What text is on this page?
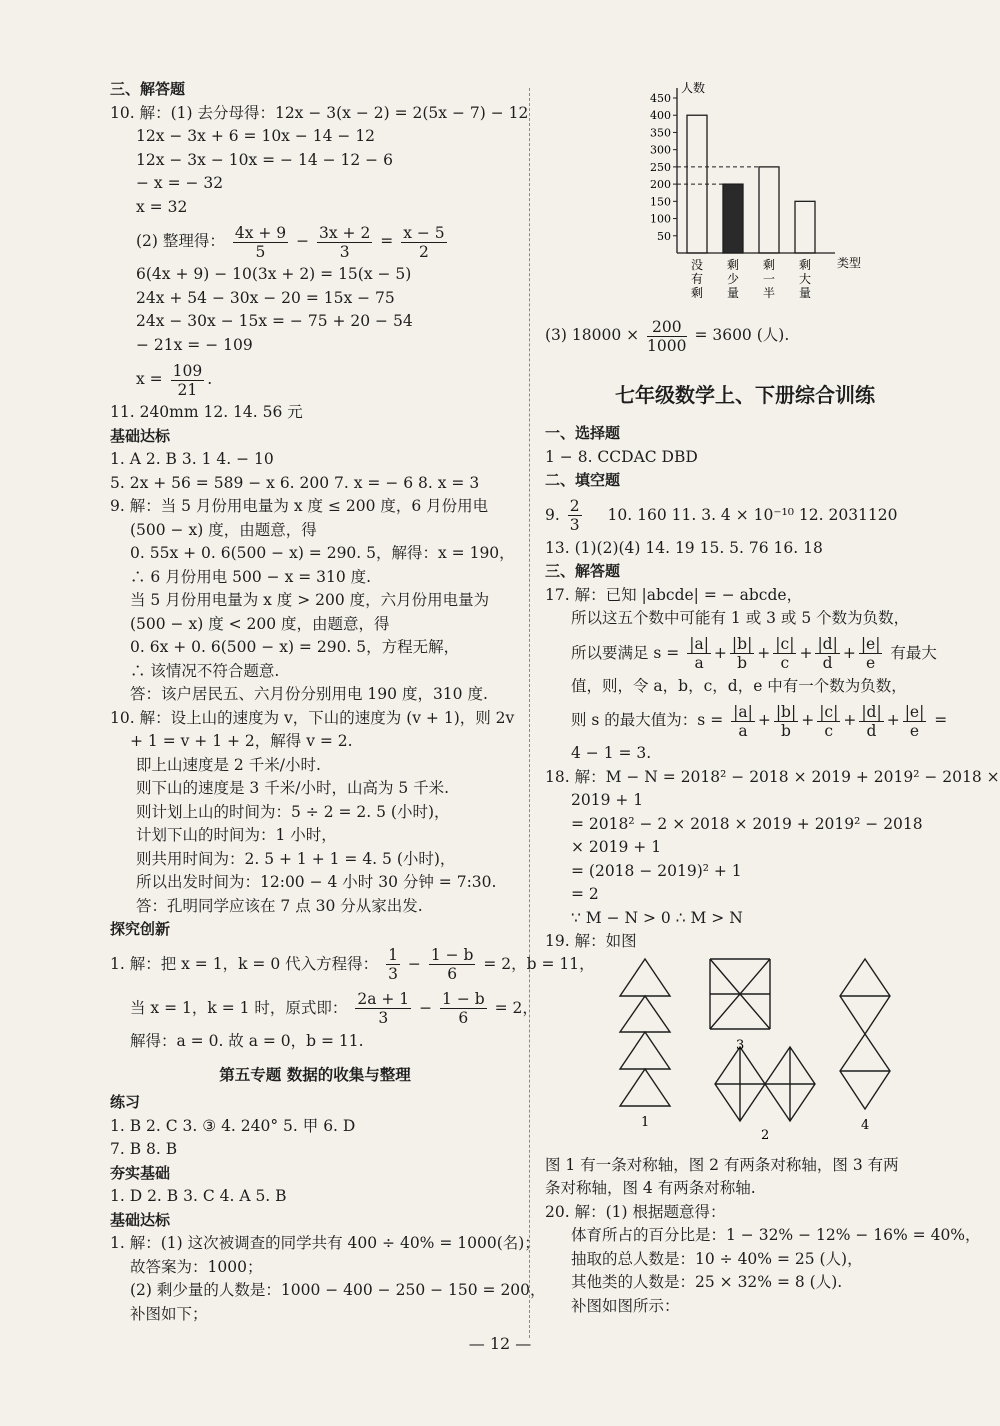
三、解答题
10. 解：(1) 去分母得：12x − 3(x − 2) = 2(5x − 7) − 12
12x − 3x + 6 = 10x − 14 − 12
12x − 3x − 10x = − 14 − 12 − 6
− x = − 32
x = 32
(2) 整理得： $\frac{4x + 9}{5} - \frac{3x + 2}{3} = \frac{x - 5}{2}$
6(4x + 9) − 10(3x + 2) = 15(x − 5)
24x + 54 − 30x − 20 = 15x − 75
24x − 30x − 15x = − 75 + 20 − 54
− 21x = − 109
$x = \frac{109}{21}$ .
11. 240mm 12. 14. 56 元
基础达标
1. A 2. B 3. 1 4. − 10
5. 2x + 56 = 589 − x 6. 200 7. x = − 6 8. x = 3
9. 解：当 5 月份用电量为 x 度 ≤ 200 度，6 月份用电
(500 − x) 度，由题意，得
0. 55x + 0. 6(500 − x) = 290. 5，解得：x = 190，
∴ 6 月份用电 500 − x = 310 度.
当 5 月份用电量为 x 度 > 200 度，六月份用电量为
(500 − x) 度 < 200 度，由题意，得
0. 6x + 0. 6(500 − x) = 290. 5，方程无解，
∴ 该情况不符合题意.
答：该户居民五、六月份分别用电 190 度，310 度.
10. 解：设上山的速度为 v，下山的速度为 (v + 1)，则 2v
+ 1 = v + 1 + 2，解得 v = 2.
即上山速度是 2 千米/小时.
则下山的速度是 3 千米/小时，山高为 5 千米.
则计划上山的时间为：5 ÷ 2 = 2. 5 (小时)，
计划下山的时间为：1 小时，
则共用时间为：2. 5 + 1 + 1 = 4. 5 (小时)，
所以出发时间为：12:00 − 4 小时 30 分钟 = 7:30.
答：孔明同学应该在 7 点 30 分从家出发.
探究创新
1. 解：把 x = 1，k = 0 代入方程得： $\frac{1}{3} - \frac{1 - b}{6} = 2$，b = 11，
当 x = 1，k = 1 时，原式即： $\frac{2a + 1}{3} - \frac{1 - b}{6} = 2$，
解得：a = 0. 故 a = 0，b = 11.
第五专题 数据的收集与整理
练习
1. B 2. C 3. ③ 4. 240° 5. 甲 6. D
7. B 8. B
夯实基础
1. D 2. B 3. C 4. A 5. B
基础达标
1. 解：(1) 这次被调查的同学共有 400 ÷ 40% = 1000(名)；
故答案为：1000；
(2) 剩少量的人数是：1000 − 400 − 250 − 150 = 200，
补图如下；
人数
类型
50
100
150
200
250
300
350
400
450
没
有
剩
剩
少
量
剩
一
半
剩
大
量
(3) $18000 \times \frac{200}{1000} = 3600$ (人).
七年级数学上、下册综合训练
一、选择题
1 − 8. CCDAC DBD
二、填空题
9. $\frac{2}{3} 10$. 160 11. 3. 4 × 10⁻¹⁰ 12. 2031120
13. (1)(2)(4) 14. 19 15. 5. 76 16. 18
三、解答题
17. 解：已知 |abcde| = − abcde，
所以这五个数中可能有 1 或 3 或 5 个数为负数，
所以要满足 $s = \frac{|a|}{a} + \frac{|b|}{b} + \frac{|c|}{c} + \frac{|d|}{d} + \frac{|e|}{e}$ 有最大
值，则，令 a，b，c，d，e 中有一个数为负数，
则 s 的最大值为：$s = \frac{|a|}{a} + \frac{|b|}{b} + \frac{|c|}{c} + \frac{|d|}{d} + \frac{|e|}{e}$ =
4 − 1 = 3.
18. 解：M − N = 2018² − 2018 × 2019 + 2019² − 2018 ×
2019 + 1
= 2018² − 2 × 2018 × 2019 + 2019² − 2018
× 2019 + 1
= (2018 − 2019)² + 1
= 2
∵ M − N > 0 ∴ M > N
19. 解：如图
1
2
3
4
图 1 有一条对称轴，图 2 有两条对称轴，图 3 有两
条对称轴，图 4 有两条对称轴.
20. 解：(1) 根据题意得：
体育所占的百分比是：1 − 32% − 12% − 16% = 40%，
抽取的总人数是：10 ÷ 40% = 25 (人)，
其他类的人数是：25 × 32% = 8 (人).
补图如图所示：
— 12 —
